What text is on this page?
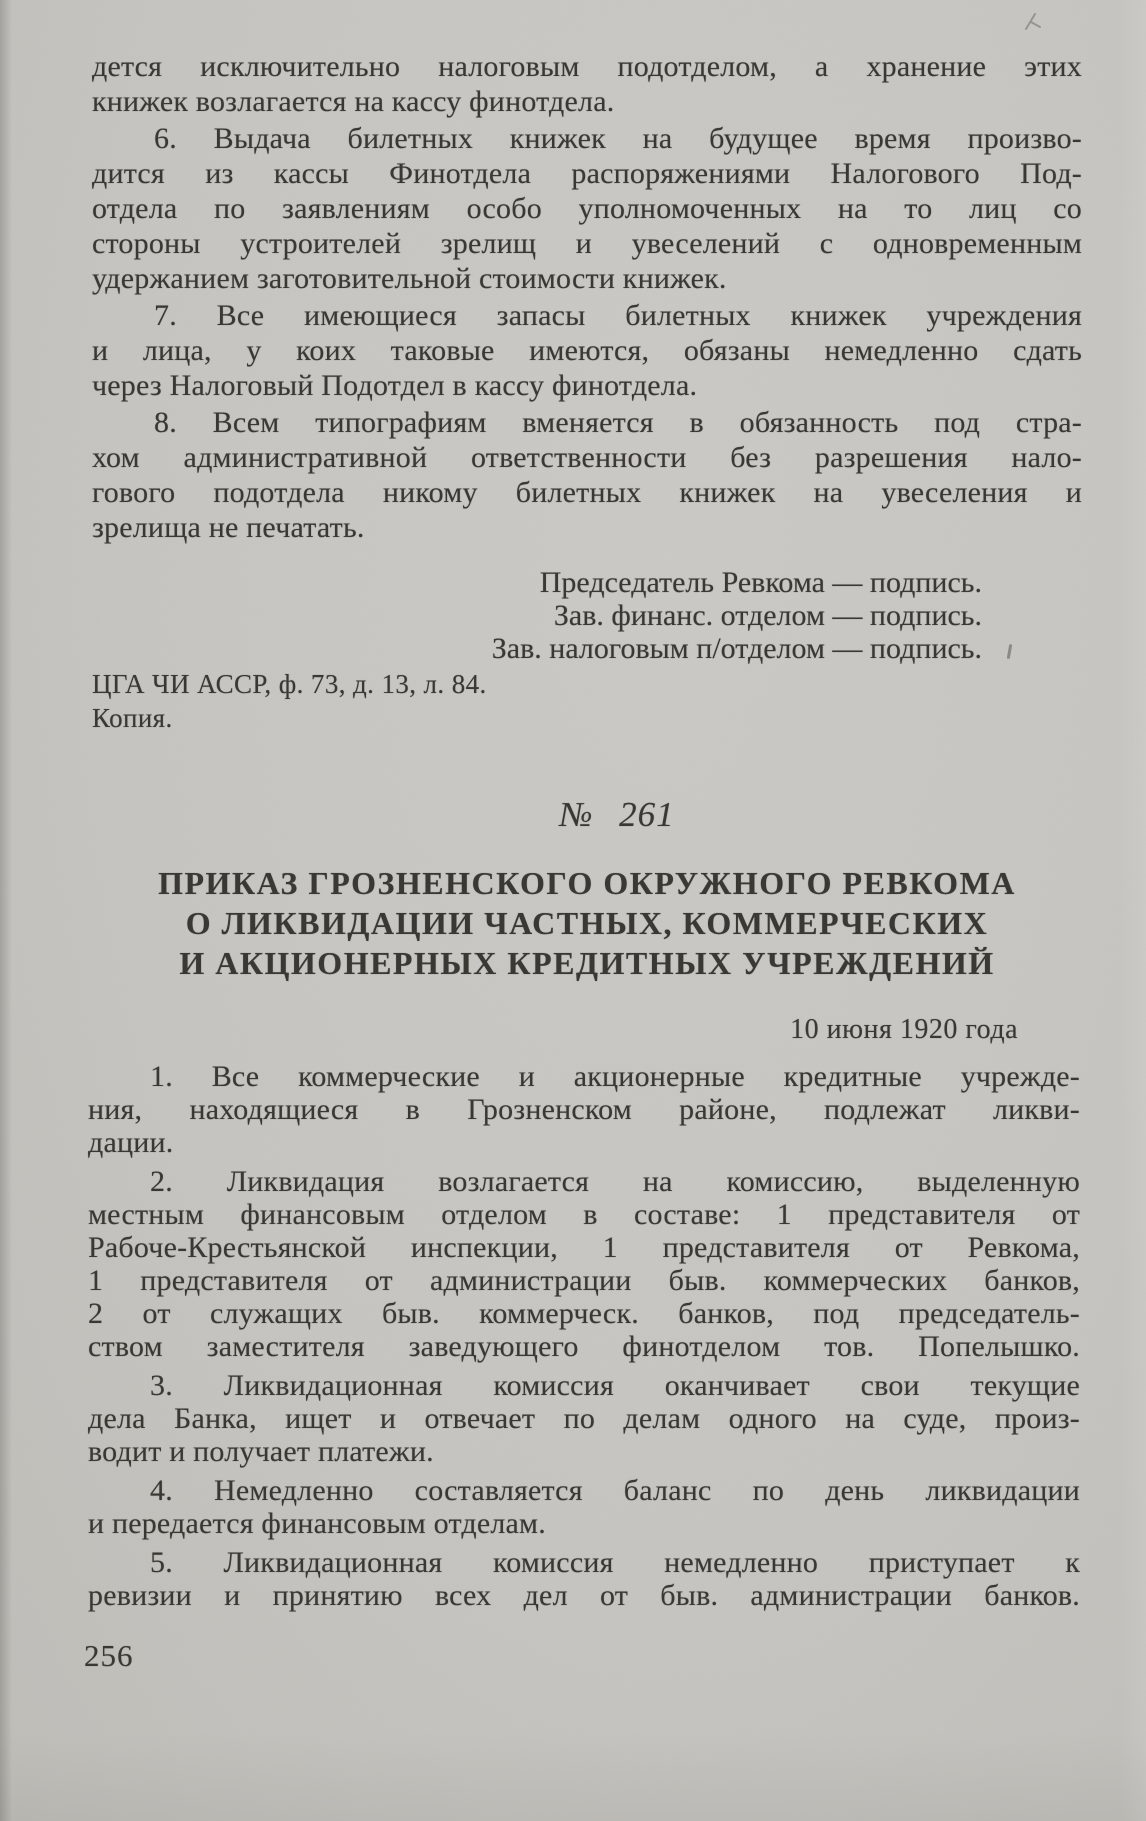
дется исключительно налоговым подотделом, а хранение этих
книжек возлагается на кассу финотдела.
6. Выдача билетных книжек на будущее время произво-
дится из кассы Финотдела распоряжениями Налогового Под-
отдела по заявлениям особо уполномоченных на то лиц со
стороны устроителей зрелищ и увеселений с одновременным
удержанием заготовительной стоимости книжек.
7. Все имеющиеся запасы билетных книжек учреждения
и лица, у коих таковые имеются, обязаны немедленно сдать
через Налоговый Подотдел в кассу финотдела.
8. Всем типографиям вменяется в обязанность под стра-
хом административной ответственности без разрешения нало-
гового подотдела никому билетных книжек на увеселения и
зрелища не печатать.
Председатель Ревкома — подпись.
Зав. финанс. отделом — подпись.
Зав. налоговым п/отделом — подпись.
ЦГА ЧИ АССР, ф. 73, д. 13, л. 84.
Копия.
№ 261
ПРИКАЗ ГРОЗНЕНСКОГО ОКРУЖНОГО РЕВКОМА
О ЛИКВИДАЦИИ ЧАСТНЫХ, КОММЕРЧЕСКИХ
И АКЦИОНЕРНЫХ КРЕДИТНЫХ УЧРЕЖДЕНИЙ
10 июня 1920 года
1. Все коммерческие и акционерные кредитные учрежде-
ния, находящиеся в Грозненском районе, подлежат ликви-
дации.
2. Ликвидация возлагается на комиссию, выделенную
местным финансовым отделом в составе: 1 представителя от
Рабоче-Крестьянской инспекции, 1 представителя от Ревкома,
1 представителя от администрации быв. коммерческих банков,
2 от служащих быв. коммерческ. банков, под председатель-
ством заместителя заведующего финотделом тов. Попелышко.
3. Ликвидационная комиссия оканчивает свои текущие
дела Банка, ищет и отвечает по делам одного на суде, произ-
водит и получает платежи.
4. Немедленно составляется баланс по день ликвидации
и передается финансовым отделам.
5. Ликвидационная комиссия немедленно приступает к
ревизии и принятию всех дел от быв. администрации банков.
256
